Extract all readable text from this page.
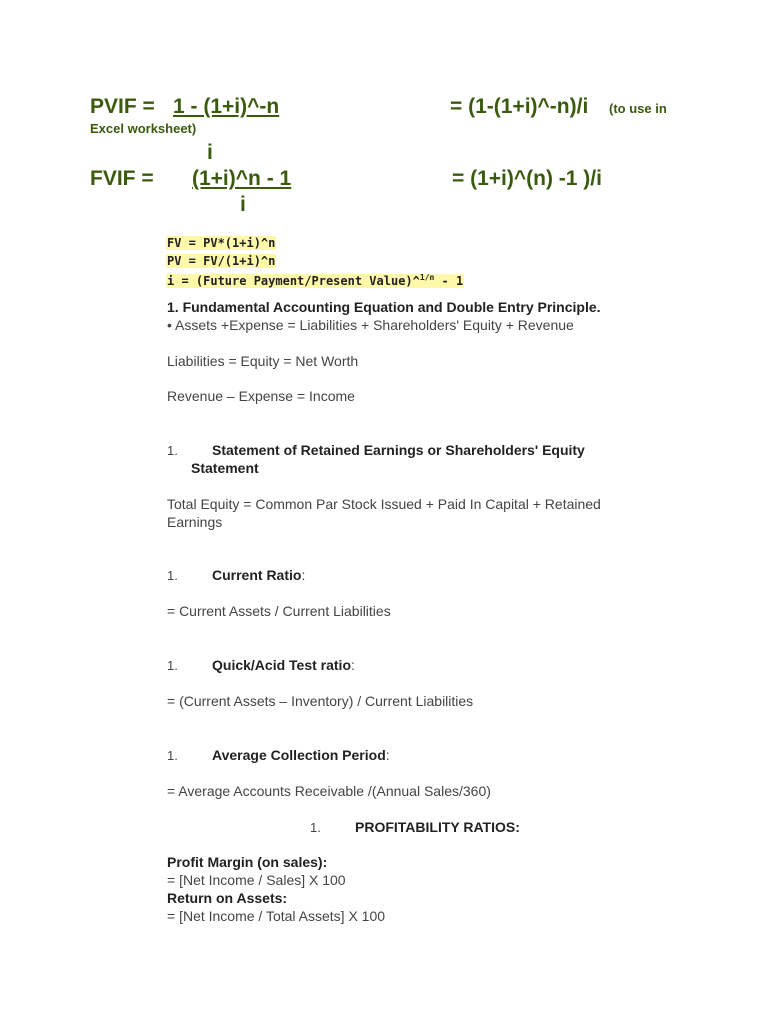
PVIF = 1 - (1+i)^-n	= (1-(1+i)^-n)/i (to use in
Excel worksheet)
i
FVIF = (1+i)^n - 1	= (1+i)^(n) -1 )/i
i
FV = PV*(1+i)^n
PV = FV/(1+i)^n
i = (Future Payment/Present Value)^$^{1/n}$ - 1
1. Fundamental Accounting Equation and Double Entry Principle.
• Assets +Expense = Liabilities + Shareholders' Equity + Revenue
Liabilities = Equity = Net Worth
Revenue – Expense = Income
1. Statement of Retained Earnings or Shareholders' Equity
Statement
Total Equity = Common Par Stock Issued + Paid In Capital + Retained
Earnings
1. Current Ratio:
= Current Assets / Current Liabilities
1. Quick/Acid Test ratio:
= (Current Assets – Inventory) / Current Liabilities
1. Average Collection Period:
= Average Accounts Receivable /(Annual Sales/360)
1. PROFITABILITY RATIOS:
Profit Margin (on sales):
= [Net Income / Sales] X 100
Return on Assets:
= [Net Income / Total Assets] X 100
